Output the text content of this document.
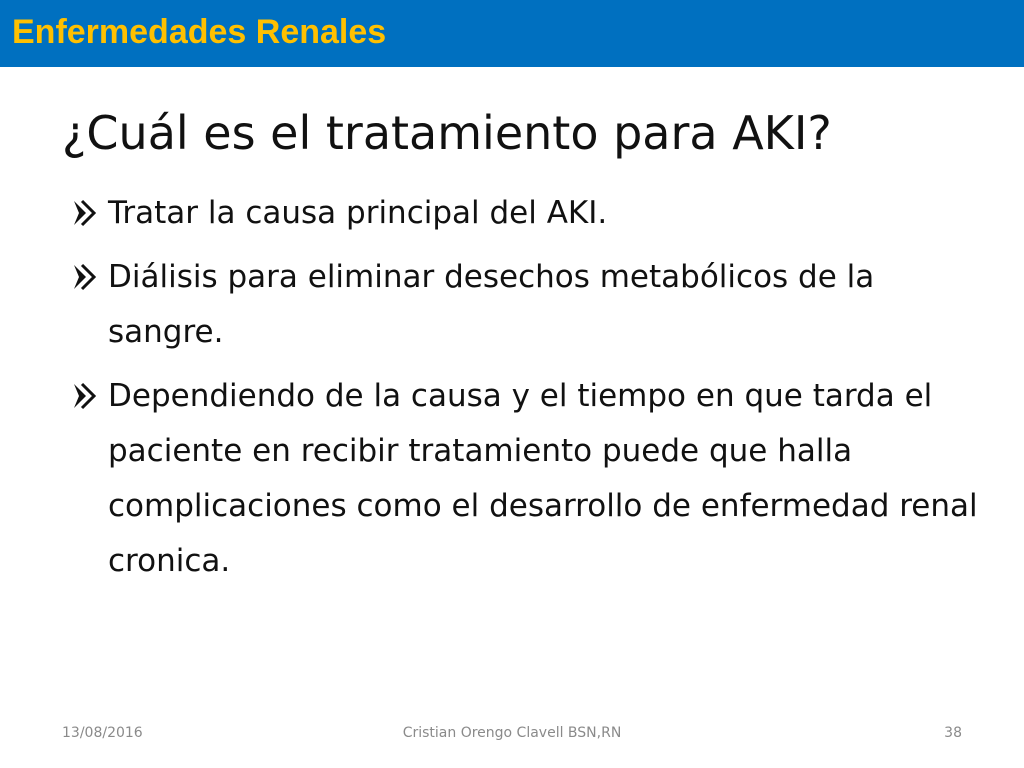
Enfermedades Renales
¿Cuál es el tratamiento para AKI?
Tratar la causa principal del AKI.
Diálisis para eliminar desechos metabólicos de la sangre.
Dependiendo de la causa y el tiempo en que tarda el paciente en recibir tratamiento puede que halla complicaciones como el desarrollo de enfermedad renal cronica.
13/08/2016	Cristian Orengo Clavell BSN,RN	38
